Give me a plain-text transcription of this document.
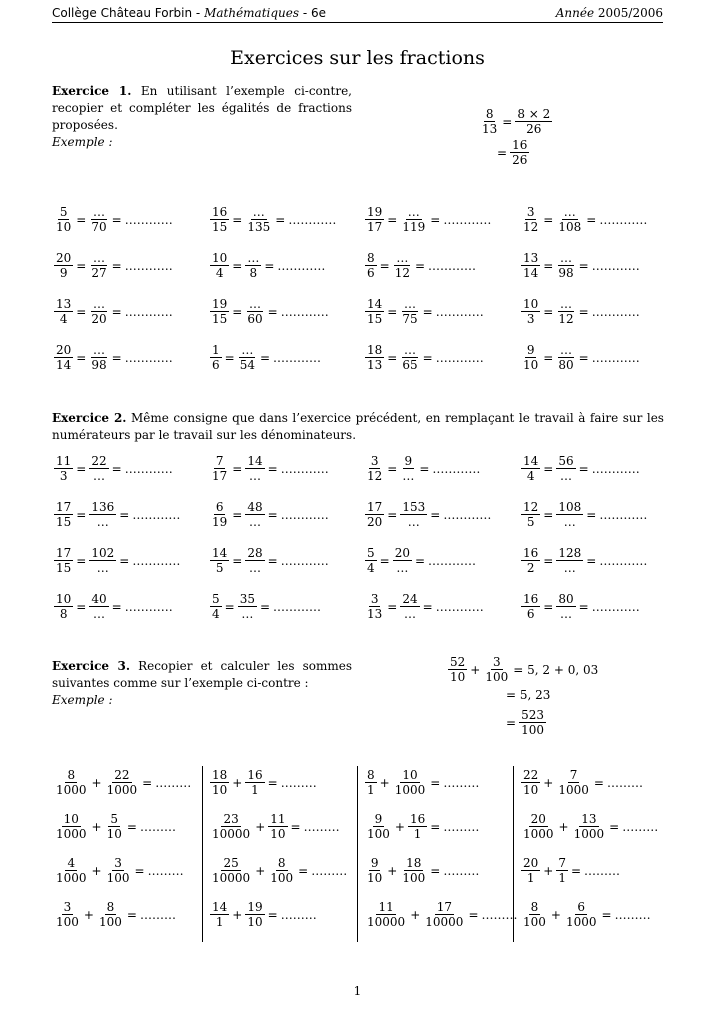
Collège Château Forbin - Mathématiques - 6e	Année 2005/2006
Exercices sur les fractions
Exercice 1. En utilisant l’exemple ci-contre, recopier et compléter les égalités de fractions proposées.
Exemple :
$\frac{8}{13} = \frac{8 \times 2}{26}$
= $\frac{16}{26}$
$\frac{5}{10} = \frac{\dots}{70}$ = …………	$\frac{16}{15} = \frac{\dots}{135}$ = ………… $\frac{19}{17} = \frac{\dots}{119}$ = ………… $\frac{3}{12} = \frac{\dots}{108}$ = …………
$\frac{20}{9} = \frac{\dots}{27}$ = …………	$\frac{10}{4} = \frac{\dots}{8}$ = …………	$\frac{8}{6} = \frac{\dots}{12}$ = …………	$\frac{13}{14} = \frac{\dots}{98}$ = …………
$\frac{13}{4} = \frac{\dots}{20}$ = …………	$\frac{19}{15} = \frac{\dots}{60}$ = …………	$\frac{14}{15} = \frac{\dots}{75}$ = …………	$\frac{10}{3} = \frac{\dots}{12}$ = …………
$\frac{20}{14} = \frac{\dots}{98}$ = …………	$\frac{1}{6} = \frac{\dots}{54}$ = …………	$\frac{18}{13} = \frac{\dots}{65}$ = …………	$\frac{9}{10} = \frac{\dots}{80}$ = …………
Exercice 2. Même consigne que dans l’exercice précédent, en remplaçant le travail à faire sur les numérateurs par le travail sur les dénominateurs.
$\frac{11}{3} = \frac{22}{\dots}$ = …………	$\frac{7}{17} = \frac{14}{\dots}$ = …………	$\frac{3}{12} = \frac{9}{\dots}$ = …………	$\frac{14}{4} = \frac{56}{\dots}$ = …………
$\frac{17}{15} = \frac{136}{\dots}$ = ………… $\frac{6}{19} = \frac{48}{\dots}$ = …………	$\frac{17}{20} = \frac{153}{\dots}$ = ………… $\frac{12}{5} = \frac{108}{\dots}$ = …………
$\frac{17}{15} = \frac{102}{\dots}$ = ………… $\frac{14}{5} = \frac{28}{\dots}$ = …………	$\frac{5}{4} = \frac{20}{\dots}$ = …………	$\frac{16}{2} = \frac{128}{\dots}$ = …………
$\frac{10}{8} = \frac{40}{\dots}$ = …………	$\frac{5}{4} = \frac{35}{\dots}$ = …………	$\frac{3}{13} = \frac{24}{\dots}$ = …………	$\frac{16}{6} = \frac{80}{\dots}$ = …………
Exercice 3. Recopier et calculer les sommes suivantes comme sur l’exemple ci-contre :
Exemple :
$\frac{52}{10} + \frac{3}{100} = 5$, 2 + 0, 03
= 5, 23
= $\frac{523}{100}$
$\frac{8}{1000} + \frac{22}{1000}$ = ……… $\frac{18}{10} + \frac{16}{1}$ = ………	$\frac{8}{1} + \frac{10}{1000}$ = ………	$\frac{22}{10} + \frac{7}{1000}$ = ………
$\frac{10}{1000} + \frac{5}{10}$ = ………	$\frac{23}{10000} + \frac{11}{10}$ = ……… $\frac{9}{100} + \frac{16}{1}$ = ………	$\frac{20}{1000} + \frac{13}{1000}$ = ………
$\frac{4}{1000} + \frac{3}{100}$ = ……… $\frac{25}{10000} + \frac{8}{100}$ = ……… $\frac{9}{10} + \frac{18}{100}$ = ………	$\frac{20}{1} + \frac{7}{1}$ = ………
$\frac{3}{100} + \frac{8}{100}$ = ………	$\frac{14}{1} + \frac{19}{10}$ = ………	$\frac{11}{10000} + \frac{17}{10000}$ = ……… $\frac{8}{100} + \frac{6}{1000}$ = ………
1
